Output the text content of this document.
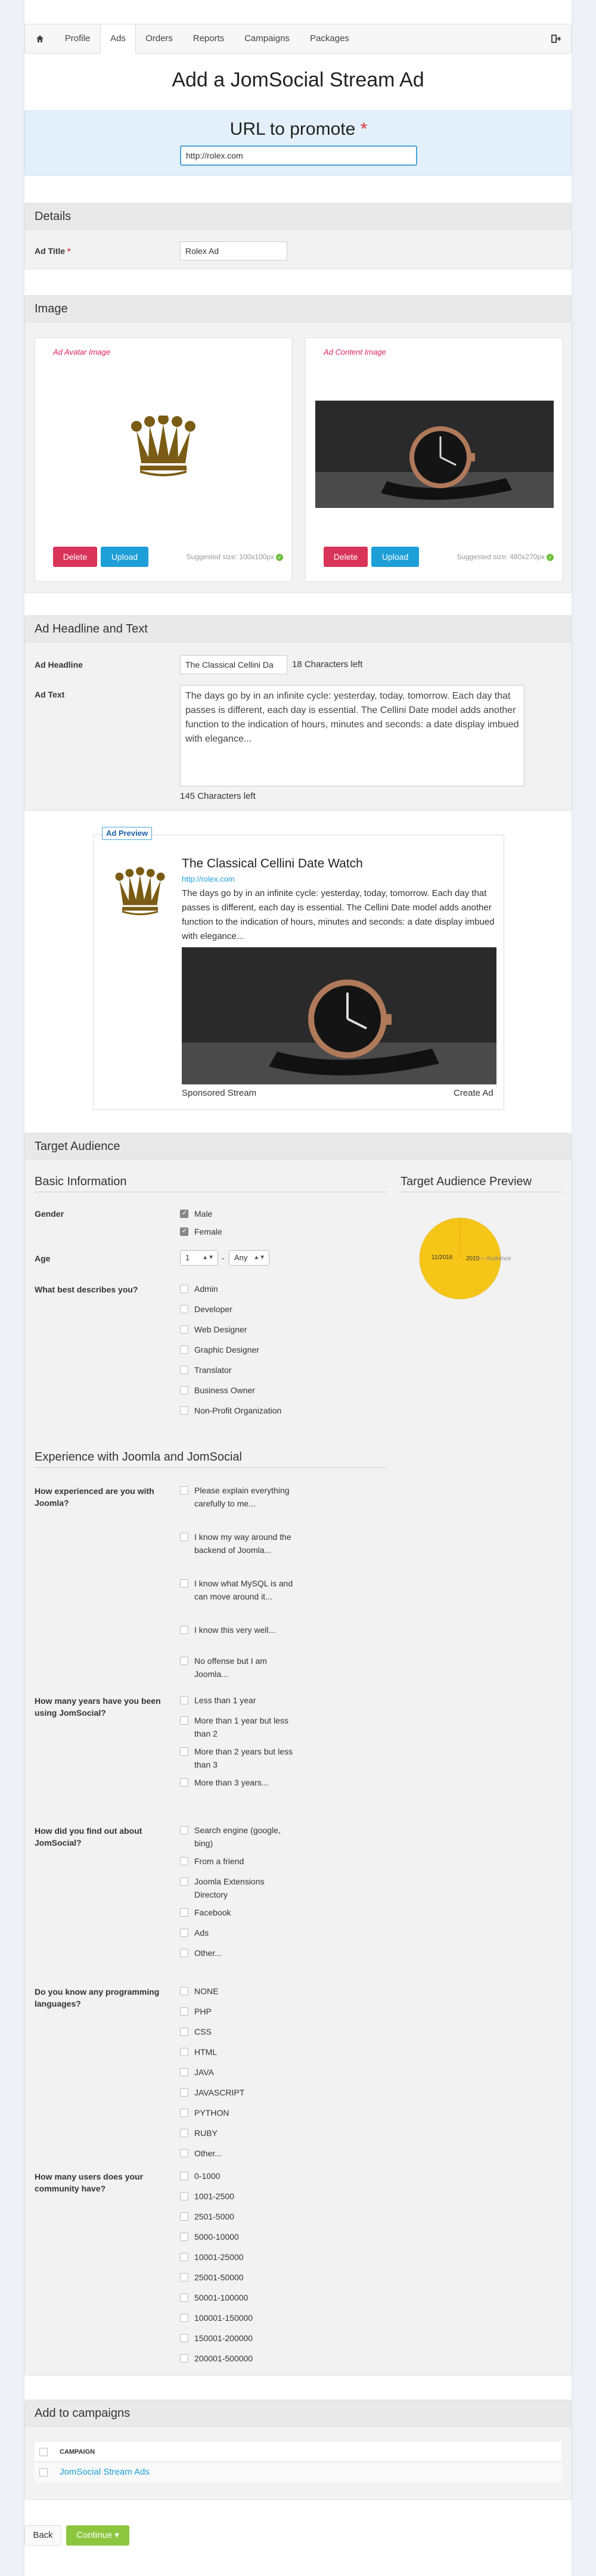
Profile	Ads	Orders	Reports	Campaigns	Packages
Add a JomSocial Stream Ad
URL to promote *
http://rolex.com
Details
Ad Title *
Rolex Ad
Image
Ad Avatar Image
Delete	Upload	Suggested size: 100x100px ✓
Ad Content Image
Delete	Upload	Suggested size: 480x270px ✓
Ad Headline and Text
Ad Headline
The Classical Cellini Da	18 Characters left
Ad Text	The days go by in an infinite cycle: yesterday, today, tomorrow. Each day that passes is different, each day is essential. The Cellini Date model adds another function to the indication of hours, minutes and seconds: a date display imbued with elegance...
145 Characters left
The Classical Cellini Date Watch
http://rolex.com
The days go by in an infinite cycle: yesterday, today, tomorrow. Each day that passes is different, each day is essential. The Cellini Date model adds another function to the indication of hours, minutes and seconds: a date display imbued with elegance...
Sponsored Stream	Create Ad
Ad Preview
Target Audience
Basic Information	Target Audience Preview
2019
11/2016	Audience
Gender
✓	Male
✓
Female
Age	1 ▲▼ -	Any ▲▼
What best describes you?
Experience with Joomla and JomSocial
How experienced are you with Joomla?
How many years have you been using JomSocial?
How did you find out about JomSocial?
Do you know any programming languages?
How many users does your community have?
Admin
Developer
Web Designer
Graphic Designer
Translator
Business Owner
Non-Profit Organization
Please explain everything carefully to me...
I know my way around the backend of Joomla...
I know what MySQL is and can move around it...
I know this very well...
No offense but I am Joomla...
Less than 1 year
More than 1 year but less than 2
More than 2 years but less than 3
More than 3 years...
Search engine (google, bing)
From a friend
Joomla Extensions Directory
Facebook
Ads
Other...
NONE
PHP
CSS
HTML
JAVA
JAVASCRIPT
PYTHON
RUBY
Other...
0-1000
1001-2500
2501-5000
5000-10000
10001-25000
25001-50000
50001-100000
100001-150000
150001-200000
200001-500000
Add to campaigns
CAMPAIGN
JomSocial Stream Ads
Back	Continue ▾
